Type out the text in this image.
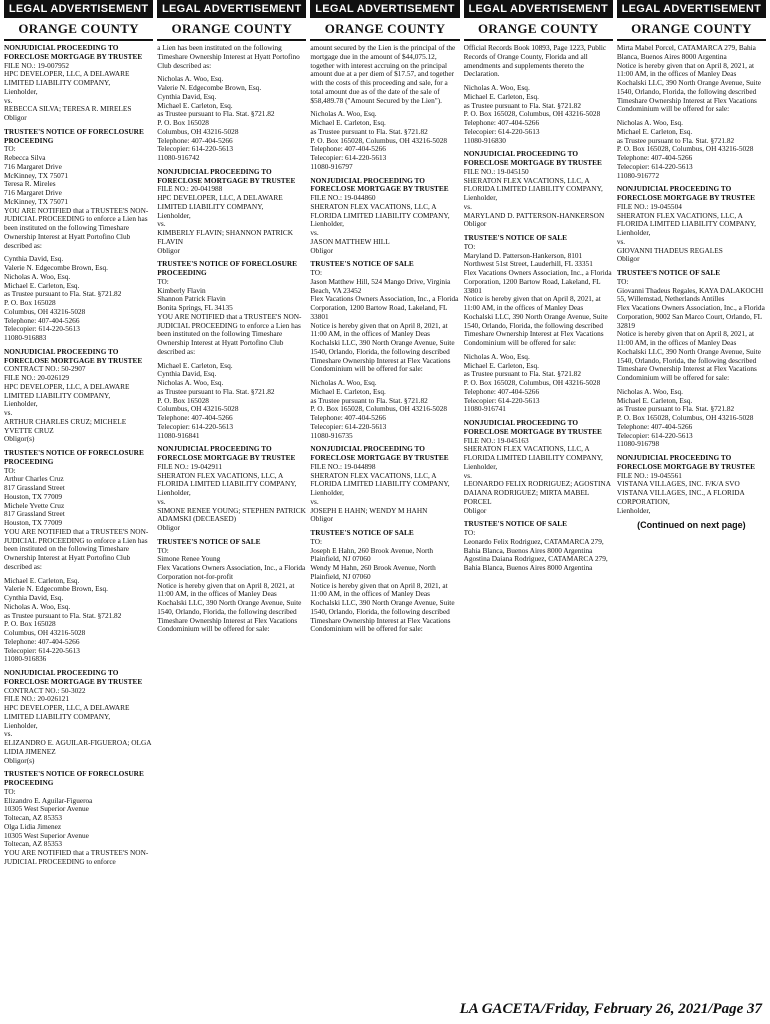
LEGAL ADVERTISEMENT
ORANGE COUNTY

NONJUDICIAL PROCEEDING TO FORECLOSE MORTGAGE BY TRUSTEE

FILE NO.: 19-007952

HPC DEVELOPER, LLC, A DELAWARE LIMITED LIABILITY COMPANY,

Lienholder,

vs.

REBECCA SILVA; TERESA R. MIRELES

Obligor

TRUSTEE'S NOTICE OF FORECLOSURE PROCEEDING

TO:

Rebecca Silva

716 Margaret Drive

McKinney, TX 75071

Teresa R. Mireles

716 Margaret Drive

McKinney, TX 75071

YOU ARE NOTIFIED that a TRUSTEE'S NON-JUDICIAL PROCEEDING to enforce a Lien has been instituted on the following Timeshare Ownership Interest at Hyatt Portofino Club described as:

Cynthia David, Esq.

Valerie N. Edgecombe Brown, Esq.

Nicholas A. Woo, Esq.

Michael E. Carleton, Esq.

as Trustee pursuant to Fla. Stat. §721.82

P. O. Box 165028

Columbus, OH 43216-5028

Telephone: 407-404-5266

Telecopier: 614-220-5613

11080-916883

NONJUDICIAL PROCEEDING TO FORECLOSE MORTGAGE BY TRUSTEE

CONTRACT NO.: 50-2907

FILE NO.: 20-026129

HPC DEVELOPER, LLC, A DELAWARE LIMITED LIABILITY COMPANY,

Lienholder,

vs.

ARTHUR CHARLES CRUZ; MICHELE YVETTE CRUZ

Obligor(s)

TRUSTEE'S NOTICE OF FORECLOSURE PROCEEDING

TO:

Arthur Charles Cruz

817 Grassland Street

Houston, TX 77009

Michele Yvette Cruz

817 Grassland Street

Houston, TX 77009

YOU ARE NOTIFIED that a TRUSTEE'S NON-JUDICIAL PROCEEDING to enforce a Lien has been instituted on the following Timeshare Ownership Interest at Hyatt Portofino Club described as:

Michael E. Carleton, Esq.

Valerie N. Edgecombe Brown, Esq.

Cynthia David, Esq.

Nicholas A. Woo, Esq.

as Trustee pursuant to Fla. Stat. §721.82

P. O. Box 165028

Columbus, OH 43216-5028

Telephone: 407-404-5266

Telecopier: 614-220-5613

11080-916836

NONJUDICIAL PROCEEDING TO FORECLOSE MORTGAGE BY TRUSTEE

CONTRACT NO.: 50-3022

FILE NO.: 20-026121

HPC DEVELOPER, LLC, A DELAWARE LIMITED LIABILITY COMPANY,

Lienholder,

vs.

ELIZANDRO E. AGUILAR-FIGUEROA; OLGA LIDIA JIMENEZ

Obligor(s)

TRUSTEE'S NOTICE OF FORECLOSURE PROCEEDING

TO:

Elizandro E. Aguilar-Figueroa

10305 West Superior Avenue

Toltecan, AZ 85353

Olga Lidia Jimenez

10305 West Superior Avenue

Toltecan, AZ 85353

YOU ARE NOTIFIED that a TRUSTEE'S NON-JUDICIAL PROCEEDING to enforce

LEGAL ADVERTISEMENT
ORANGE COUNTY

a Lien has been instituted on the following Timeshare Ownership Interest at Hyatt Portofino Club described as:

Nicholas A. Woo, Esq.

Valerie N. Edgecombe Brown, Esq.

Cynthia David, Esq.

Michael E. Carleton, Esq.

as Trustee pursuant to Fla. Stat. §721.82

P. O. Box 165028

Columbus, OH 43216-5028

Telephone: 407-404-5266

Telecopier: 614-220-5613

11080-916742

NONJUDICIAL PROCEEDING TO FORECLOSE MORTGAGE BY TRUSTEE

FILE NO.: 20-041988

HPC DEVELOPER, LLC, A DELAWARE LIMITED LIABILITY COMPANY,

Lienholder,

vs.

KIMBERLY FLAVIN; SHANNON PATRICK FLAVIN

Obligor

TRUSTEE'S NOTICE OF FORECLOSURE PROCEEDING

TO:

Kimberly Flavin

Shannon Patrick Flavin

Bonita Springs, FL 34135

YOU ARE NOTIFIED that a TRUSTEE'S NON-JUDICIAL PROCEEDING to enforce a Lien has been instituted on the following Timeshare Ownership Interest at Hyatt Portofino Club described as:

Michael E. Carleton, Esq.

Cynthia David, Esq.

Nicholas A. Woo, Esq.

as Trustee pursuant to Fla. Stat. §721.82

P. O. Box 165028

Columbus, OH 43216-5028

Telephone: 407-404-5266

Telecopier: 614-220-5613

11080-916841

NONJUDICIAL PROCEEDING TO FORECLOSE MORTGAGE BY TRUSTEE

FILE NO.: 19-042911

SHERATON FLEX VACATIONS, LLC, A FLORIDA LIMITED LIABILITY COMPANY,

Lienholder,

vs.

SIMONE RENEE YOUNG; STEPHEN PATRICK ADAMSKI (DECEASED)

Obligor

TRUSTEE'S NOTICE OF SALE

TO:

Simone Renee Young

Flex Vacations Owners Association, Inc., a Florida Corporation not-for-profit

Notice is hereby given that on April 8, 2021, at 11:00 AM, in the offices of Manley Deas Kochalski LLC, 390 North Orange Avenue, Suite 1540, Orlando, Florida, the following described Timeshare Ownership Interest at Flex Vacations Condominium will be offered for sale:

LEGAL ADVERTISEMENT
ORANGE COUNTY

amount secured by the Lien is the principal of the mortgage due in the amount of $44,075.12, together with interest accruing on the principal amount due at a per diem of $17.57, and together with the costs of this proceeding and sale, for a total amount due as of the date of the sale of $58,489.78 ("Amount Secured by the Lien").

Nicholas A. Woo, Esq.

Michael E. Carleton, Esq.

as Trustee pursuant to Fla. Stat. §721.82

P. O. Box 165028, Columbus, OH 43216-5028

Telephone: 407-404-5266

Telecopier: 614-220-5613

11080-916797

NONJUDICIAL PROCEEDING TO FORECLOSE MORTGAGE BY TRUSTEE

FILE NO.: 19-044860

SHERATON FLEX VACATIONS, LLC, A FLORIDA LIMITED LIABILITY COMPANY,

Lienholder,

vs.

JASON MATTHEW HILL

Obligor

TRUSTEE'S NOTICE OF SALE

TO:

Jason Matthew Hill, 524 Mango Drive, Virginia Beach, VA 23452

Flex Vacations Owners Association, Inc., a Florida Corporation, 1200 Bartow Road, Lakeland, FL 33801

Notice is hereby given that on April 8, 2021, at 11:00 AM, in the offices of Manley Deas Kochalski LLC, 390 North Orange Avenue, Suite 1540, Orlando, Florida, the following described Timeshare Ownership Interest at Flex Vacations Condominium will be offered for sale:

Nicholas A. Woo, Esq.

Michael E. Carleton, Esq.

as Trustee pursuant to Fla. Stat. §721.82

P. O. Box 165028, Columbus, OH 43216-5028

Telephone: 407-404-5266

Telecopier: 614-220-5613

11080-916735

NONJUDICIAL PROCEEDING TO FORECLOSE MORTGAGE BY TRUSTEE

FILE NO.: 19-044898

SHERATON FLEX VACATIONS, LLC, A FLORIDA LIMITED LIABILITY COMPANY,

Lienholder,

vs.

JOSEPH E HAHN; WENDY M HAHN

Obligor

TRUSTEE'S NOTICE OF SALE

TO:

Joseph E Hahn, 260 Brook Avenue, North Plainfield, NJ 07060

Wendy M Hahn, 260 Brook Avenue, North Plainfield, NJ 07060

Notice is hereby given that on April 8, 2021, at 11:00 AM, in the offices of Manley Deas Kochalski LLC, 390 North Orange Avenue, Suite 1540, Orlando, Florida, the following described Timeshare Ownership Interest at Flex Vacations Condominium will be offered for sale:

LEGAL ADVERTISEMENT
ORANGE COUNTY

Official Records Book 10893, Page 1223, Public Records of Orange County, Florida and all amendments and supplements thereto the Declaration.

Nicholas A. Woo, Esq.

Michael E. Carleton, Esq.

as Trustee pursuant to Fla. Stat. §721.82

P. O. Box 165028, Columbus, OH 43216-5028

Telephone: 407-404-5266

Telecopier: 614-220-5613

11080-916830

NONJUDICIAL PROCEEDING TO FORECLOSE MORTGAGE BY TRUSTEE

FILE NO.: 19-045150

SHERATON FLEX VACATIONS, LLC, A FLORIDA LIMITED LIABILITY COMPANY,

Lienholder,

vs.

MARYLAND D. PATTERSON-HANKERSON

Obligor

TRUSTEE'S NOTICE OF SALE

TO:

Maryland D. Patterson-Hankerson, 8101 Northwest 51st Street, Lauderhill, FL 33351

Flex Vacations Owners Association, Inc., a Florida Corporation, 1200 Bartow Road, Lakeland, FL 33801

Notice is hereby given that on April 8, 2021, at 11:00 AM, in the offices of Manley Deas Kochalski LLC, 390 North Orange Avenue, Suite 1540, Orlando, Florida, the following described Timeshare Ownership Interest at Flex Vacations Condominium will be offered for sale:

Nicholas A. Woo, Esq.

Michael E. Carleton, Esq.

as Trustee pursuant to Fla. Stat. §721.82

P. O. Box 165028, Columbus, OH 43216-5028

Telephone: 407-404-5266

Telecopier: 614-220-5613

11080-916741

NONJUDICIAL PROCEEDING TO FORECLOSE MORTGAGE BY TRUSTEE

FILE NO.: 19-045163

SHERATON FLEX VACATIONS, LLC, A FLORIDA LIMITED LIABILITY COMPANY,

Lienholder,

vs.

LEONARDO FELIX RODRIGUEZ; AGOSTINA DAIANA RODRIGUEZ; MIRTA MABEL PORCEL

Obligor

TRUSTEE'S NOTICE OF SALE

TO:

Leonardo Felix Rodriguez, CATAMARCA 279, Bahia Blanca, Buenos Aires 8000 Argentina

Agostina Daiana Rodriguez, CATAMARCA 279, Bahia Blanca, Buenos Aires 8000 Argentina

LEGAL ADVERTISEMENT
ORANGE COUNTY

Mirta Mabel Porcel, CATAMARCA 279, Bahia Blanca, Buenos Aires 8000 Argentina

Notice is hereby given that on April 8, 2021, at 11:00 AM, in the offices of Manley Deas Kochalski LLC, 390 North Orange Avenue, Suite 1540, Orlando, Florida, the following described Timeshare Ownership Interest at Flex Vacations Condominium will be offered for sale:

Nicholas A. Woo, Esq.

Michael E. Carleton, Esq.

as Trustee pursuant to Fla. Stat. §721.82

P. O. Box 165028, Columbus, OH 43216-5028

Telephone: 407-404-5266

Telecopier: 614-220-5613

11080-916772

NONJUDICIAL PROCEEDING TO FORECLOSE MORTGAGE BY TRUSTEE

FILE NO.: 19-045504

SHERATON FLEX VACATIONS, LLC, A FLORIDA LIMITED LIABILITY COMPANY,

Lienholder,

vs.

GIOVANNI THADEUS REGALES

Obligor

TRUSTEE'S NOTICE OF SALE

TO:

Giovanni Thadeus Regales, KAYA DALAKOCHI 55, Willemstad, Netherlands Antilles

Flex Vacations Owners Association, Inc., a Florida Corporation, 9002 San Marco Court, Orlando, FL 32819

Notice is hereby given that on April 8, 2021, at 11:00 AM, in the offices of Manley Deas Kochalski LLC, 390 North Orange Avenue, Suite 1540, Orlando, Florida, the following described Timeshare Ownership Interest at Flex Vacations Condominium will be offered for sale:

Nicholas A. Woo, Esq.

Michael E. Carleton, Esq.

as Trustee pursuant to Fla. Stat. §721.82

P. O. Box 165028, Columbus, OH 43216-5028

Telephone: 407-404-5266

Telecopier: 614-220-5613

11080-916798

NONJUDICIAL PROCEEDING TO FORECLOSE MORTGAGE BY TRUSTEE

FILE NO.: 19-045561

VISTANA VILLAGES, INC. F/K/A SVO VISTANA VILLAGES, INC., A FLORIDA CORPORATION,

Lienholder,

(Continued on next page)
LA GACETA/Friday, February 26, 2021/Page 37
